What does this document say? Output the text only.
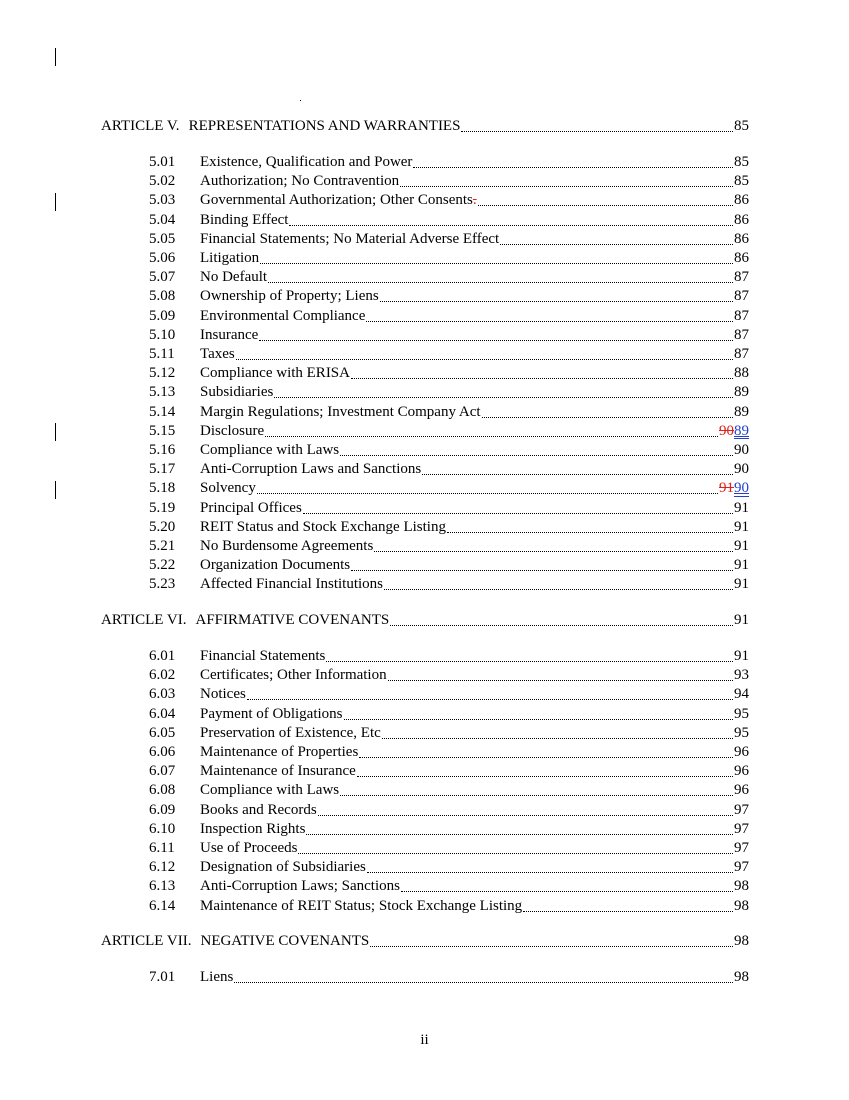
ARTICLE V. REPRESENTATIONS AND WARRANTIES	85
5.01	Existence, Qualification and Power	85
5.02	Authorization; No Contravention	85
5.03	Governmental Authorization; Other Consents .	86
5.04	Binding Effect	86
5.05	Financial Statements; No Material Adverse Effect	86
5.06	Litigation	86
5.07	No Default	87
5.08	Ownership of Property; Liens	87
5.09	Environmental Compliance	87
5.10	Insurance	87
5.11	Taxes	87
5.12	Compliance with ERISA	88
5.13	Subsidiaries	89
5.14	Margin Regulations; Investment Company Act	89
5.15	Disclosure	90 89
5.16	Compliance with Laws	90
5.17	Anti-Corruption Laws and Sanctions	90
5.18	Solvency	91 90
5.19	Principal Offices	91
5.20	REIT Status and Stock Exchange Listing	91
5.21	No Burdensome Agreements	91
5.22	Organization Documents	91
5.23	Affected Financial Institutions	91
ARTICLE VI. AFFIRMATIVE COVENANTS	91
6.01	Financial Statements	91
6.02	Certificates; Other Information	93
6.03	Notices	94
6.04	Payment of Obligations	95
6.05	Preservation of Existence, Etc	95
6.06	Maintenance of Properties	96
6.07	Maintenance of Insurance	96
6.08	Compliance with Laws	96
6.09	Books and Records	97
6.10	Inspection Rights	97
6.11	Use of Proceeds	97
6.12	Designation of Subsidiaries	97
6.13	Anti-Corruption Laws; Sanctions	98
6.14	Maintenance of REIT Status; Stock Exchange Listing	98
ARTICLE VII. NEGATIVE COVENANTS	98
7.01	Liens	98
ii
